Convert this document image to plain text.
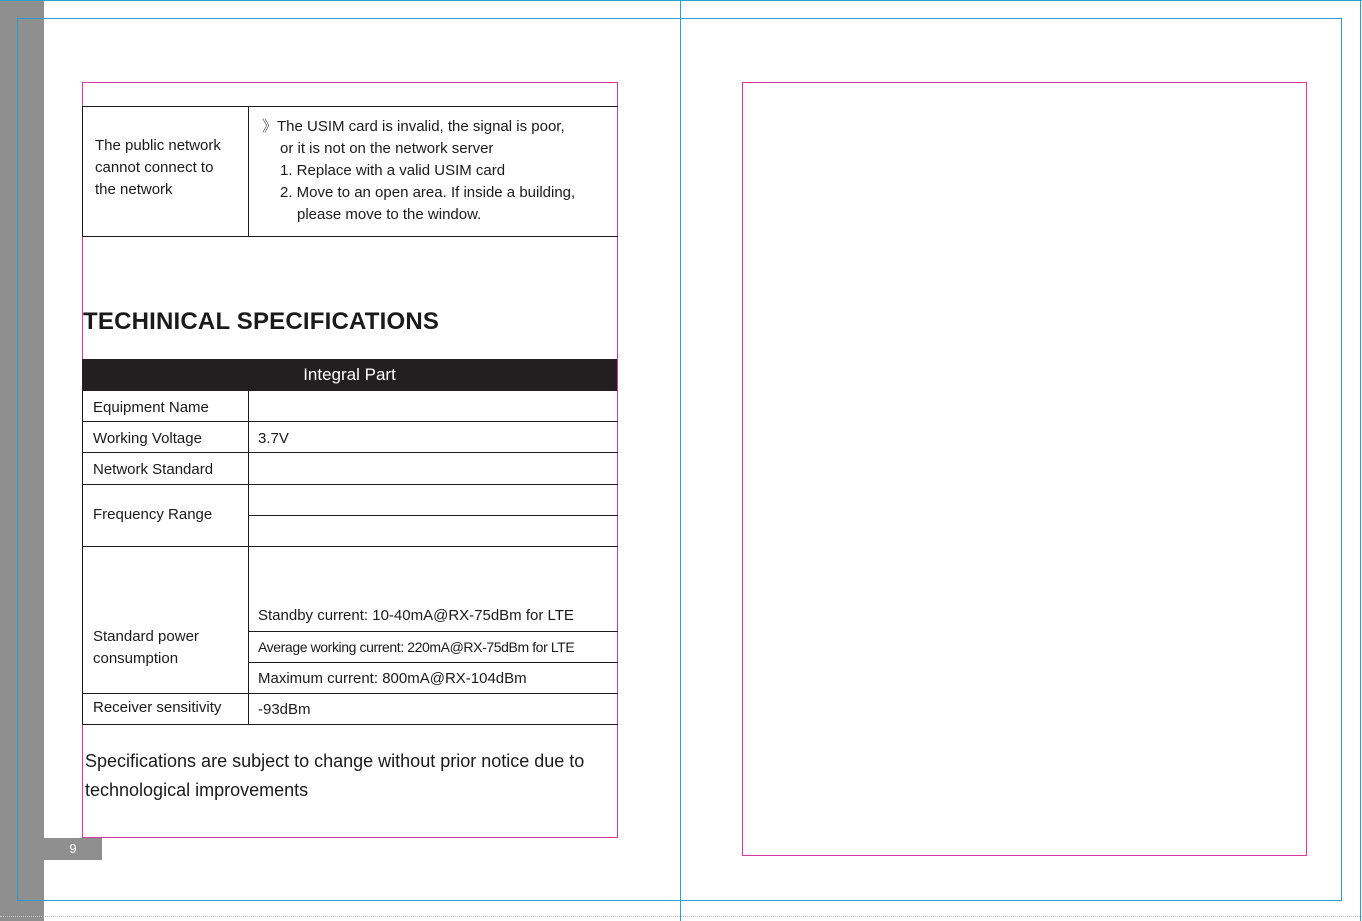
The public network
cannot connect to
the network
》The USIM card is invalid, the signal is poor,
or it is not on the network server
1. Replace with a valid USIM card
2. Move to an open area. If inside a building,
please move to the window.
TECHINICAL SPECIFICATIONS
Integral Part
Equipment Name
Working Voltage	3.7V
Network Standard
Frequency Range
Standard power
consumption
Standby current: 10-40mA@RX-75dBm for LTE
Average working current: 220mA@RX-75dBm for LTE
Maximum current: 800mA@RX-104dBm
Receiver sensitivity -93dBm
Specifications are subject to change without prior notice due to
technological improvements
9
